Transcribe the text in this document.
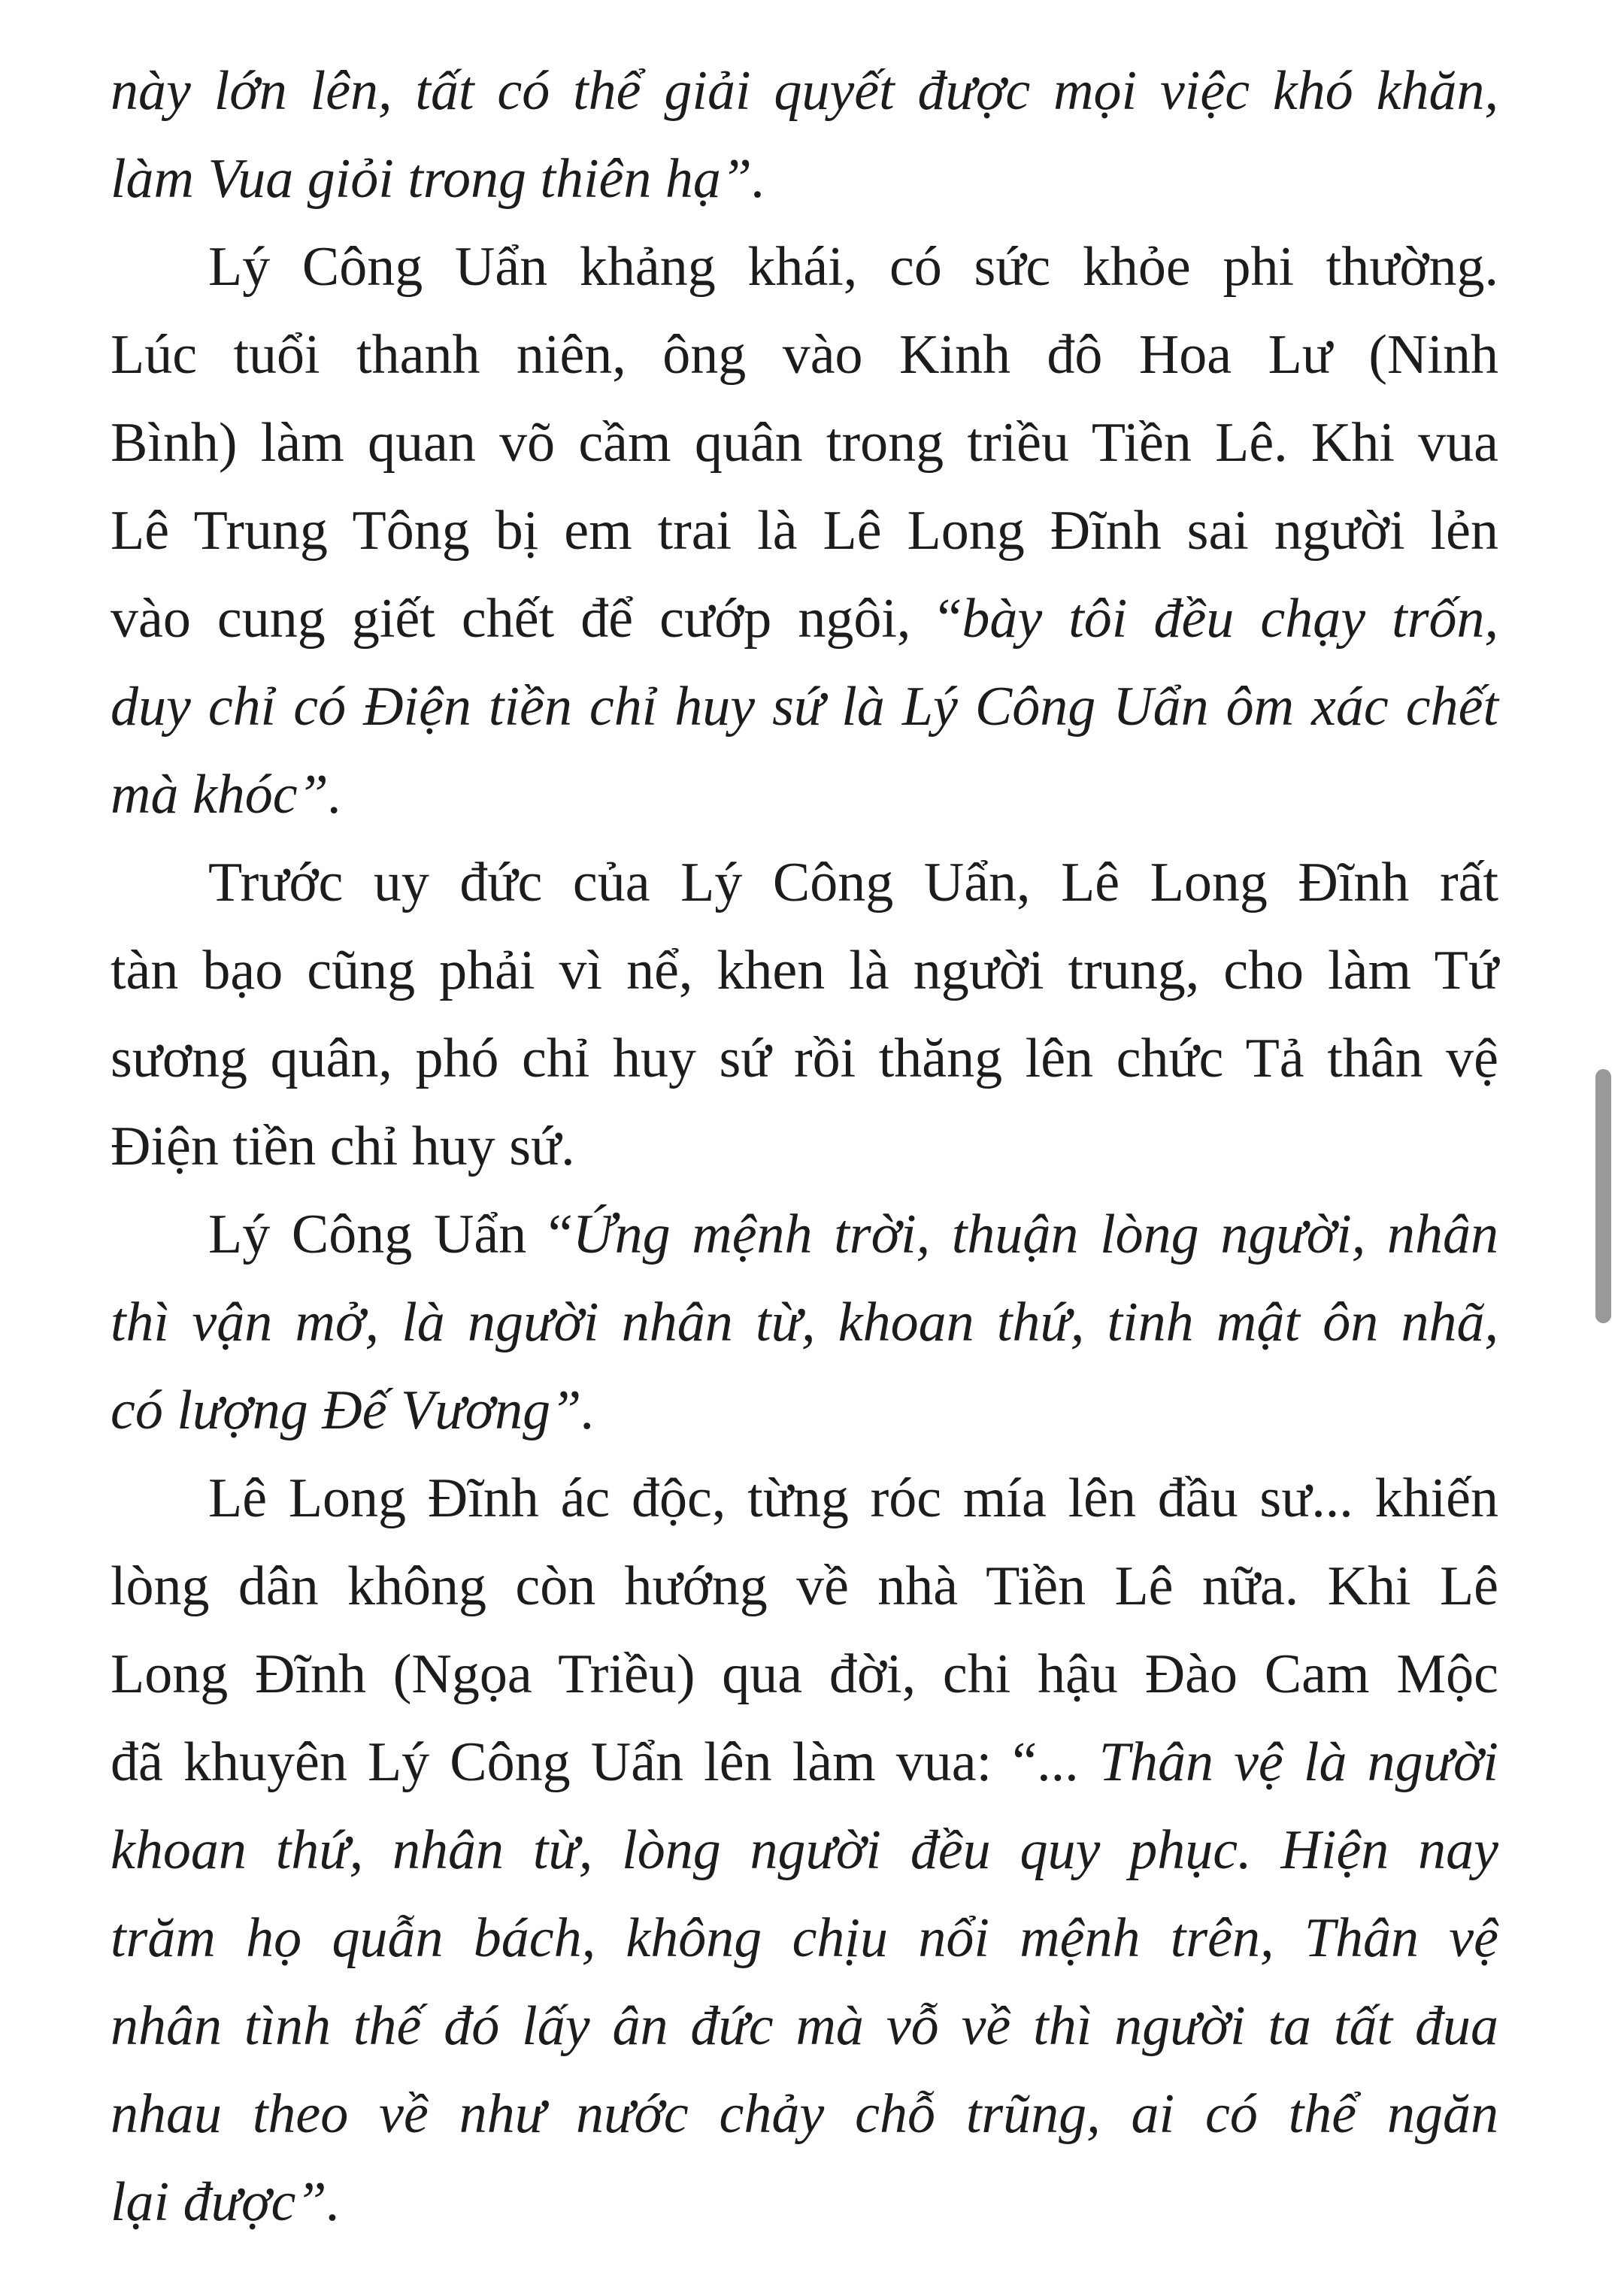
này lớn lên, tất có thể giải quyết được mọi việc khó khăn,
làm Vua giỏi trong thiên hạ”.
Lý Công Uẩn khảng khái, có sức khỏe phi thường.
Lúc tuổi thanh niên, ông vào Kinh đô Hoa Lư (Ninh
Bình) làm quan võ cầm quân trong triều Tiền Lê. Khi vua
Lê Trung Tông bị em trai là Lê Long Đĩnh sai người lẻn
vào cung giết chết để cướp ngôi, “bày tôi đều chạy trốn,
duy chỉ có Điện tiền chỉ huy sứ là Lý Công Uẩn ôm xác chết
mà khóc”.
Trước uy đức của Lý Công Uẩn, Lê Long Đĩnh rất
tàn bạo cũng phải vì nể, khen là người trung, cho làm Tứ
sương quân, phó chỉ huy sứ rồi thăng lên chức Tả thân vệ
Điện tiền chỉ huy sứ.
Lý Công Uẩn “Ứng mệnh trời, thuận lòng người, nhân
thì vận mở, là người nhân từ, khoan thứ, tinh mật ôn nhã,
có lượng Đế Vương”.
Lê Long Đĩnh ác độc, từng róc mía lên đầu sư... khiến
lòng dân không còn hướng về nhà Tiền Lê nữa. Khi Lê
Long Đĩnh (Ngọa Triều) qua đời, chi hậu Đào Cam Mộc
đã khuyên Lý Công Uẩn lên làm vua: “... Thân vệ là người
khoan thứ, nhân từ, lòng người đều quy phục. Hiện nay
trăm họ quẫn bách, không chịu nổi mệnh trên, Thân vệ
nhân tình thế đó lấy ân đức mà vỗ về thì người ta tất đua
nhau theo về như nước chảy chỗ trũng, ai có thể ngăn
lại được”.
